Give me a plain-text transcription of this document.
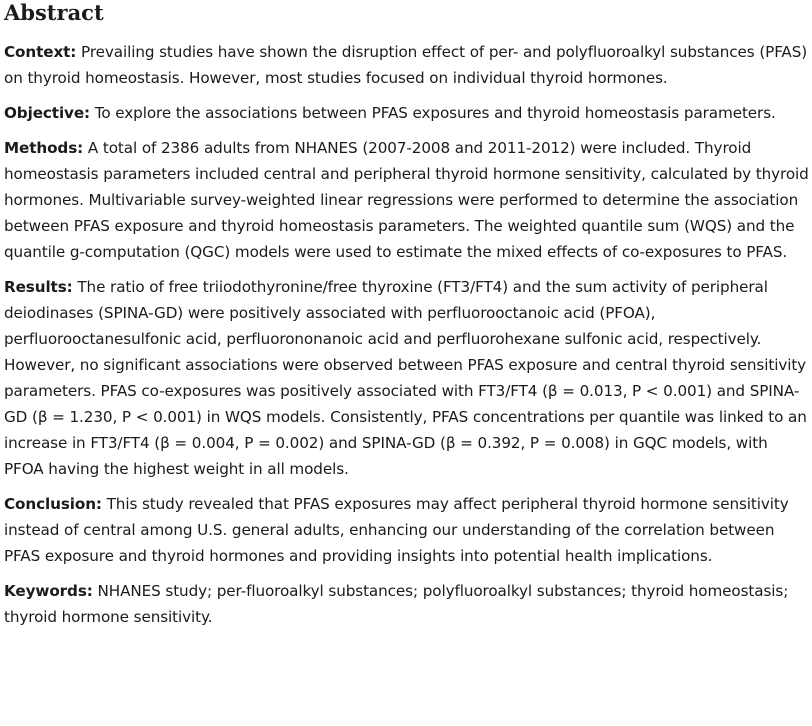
Abstract

Context: Prevailing studies have shown the disruption effect of per- and polyfluoroalkyl substances (PFAS) on thyroid homeostasis. However, most studies focused on individual thyroid hormones.

Objective: To explore the associations between PFAS exposures and thyroid homeostasis parameters.

Methods: A total of 2386 adults from NHANES (2007-2008 and 2011-2012) were included. Thyroid homeostasis parameters included central and peripheral thyroid hormone sensitivity, calculated by thyroid hormones. Multivariable survey-weighted linear regressions were performed to determine the association between PFAS exposure and thyroid homeostasis parameters. The weighted quantile sum (WQS) and the quantile g-computation (QGC) models were used to estimate the mixed effects of co-exposures to PFAS.

Results: The ratio of free triiodothyronine/free thyroxine (FT3/FT4) and the sum activity of peripheral deiodinases (SPINA-GD) were positively associated with perfluorooctanoic acid (PFOA), perfluorooctanesulfonic acid, perfluorononanoic acid and perfluorohexane sulfonic acid, respectively. However, no significant associations were observed between PFAS exposure and central thyroid sensitivity parameters. PFAS co-exposures was positively associated with FT3/FT4 (β = 0.013, P < 0.001) and SPINA-GD (β = 1.230, P < 0.001) in WQS models. Consistently, PFAS concentrations per quantile was linked to an increase in FT3/FT4 (β = 0.004, P = 0.002) and SPINA-GD (β = 0.392, P = 0.008) in GQC models, with PFOA having the highest weight in all models.

Conclusion: This study revealed that PFAS exposures may affect peripheral thyroid hormone sensitivity instead of central among U.S. general adults, enhancing our understanding of the correlation between PFAS exposure and thyroid hormones and providing insights into potential health implications.

Keywords: NHANES study; per-fluoroalkyl substances; polyfluoroalkyl substances; thyroid homeostasis; thyroid hormone sensitivity.
